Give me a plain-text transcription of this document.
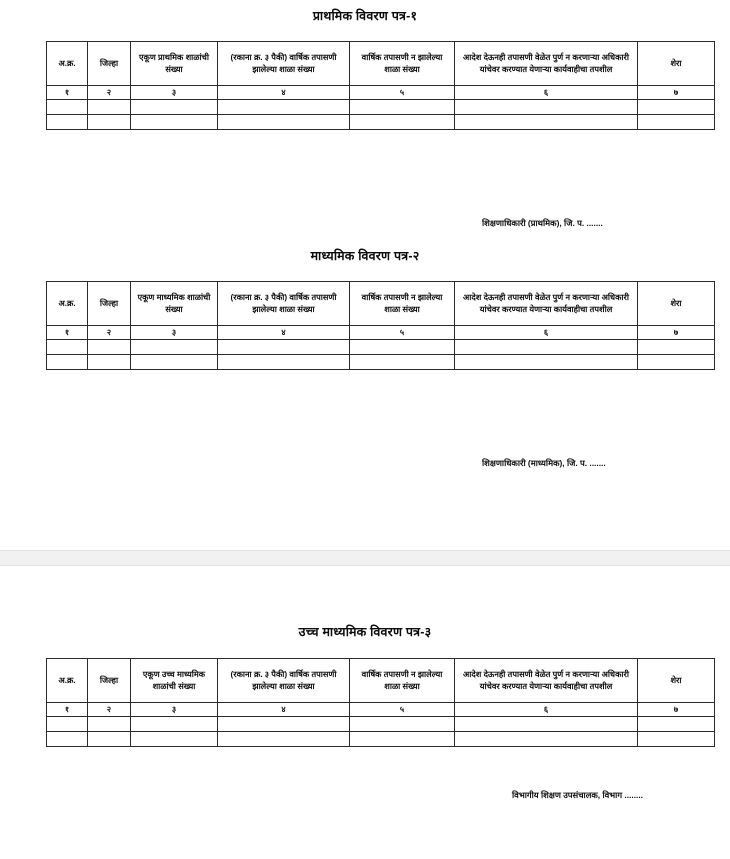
प्राथमिक विवरण पत्र-१
अ.क्र.	जिल्हा	एकूण प्राथमिक शाळांची संख्या	(रकाना क्र. ३ पैकी) वार्षिक तपासणी झालेल्या शाळा संख्या	वार्षिक तपासणी न झालेल्या शाळा संख्या	आदेश देऊनही तपासणी वेळेत पुर्ण न करणाऱ्या अधिकारी यांचेवर करण्यात येणाऱ्या कार्यवाहीचा तपशील	शेरा
१	२	३	४	५	६	७

शिक्षणाधिकारी (प्राथमिक), जि. प. .......
माध्यमिक विवरण पत्र-२
अ.क्र.	जिल्हा	एकूण माध्यमिक शाळांची संख्या	(रकाना क्र. ३ पैकी) वार्षिक तपासणी झालेल्या शाळा संख्या	वार्षिक तपासणी न झालेल्या शाळा संख्या	आदेश देऊनही तपासणी वेळेत पुर्ण न करणाऱ्या अधिकारी यांचेवर करण्यात येणाऱ्या कार्यवाहीचा तपशील	शेरा
१	२	३	४	५	६	७

शिक्षणाधिकारी (माध्यमिक), जि. प. .......
उच्च माध्यमिक विवरण पत्र-३
अ.क्र.	जिल्हा	एकूण उच्च माध्यमिक शाळांची संख्या	(रकाना क्र. ३ पैकी) वार्षिक तपासणी झालेल्या शाळा संख्या	वार्षिक तपासणी न झालेल्या शाळा संख्या	आदेश देऊनही तपासणी वेळेत पुर्ण न करणाऱ्या अधिकारी यांचेवर करण्यात येणाऱ्या कार्यवाहीचा तपशील	शेरा
१	२	३	४	५	६	७

विभागीय शिक्षण उपसंचालक, विभाग ........
